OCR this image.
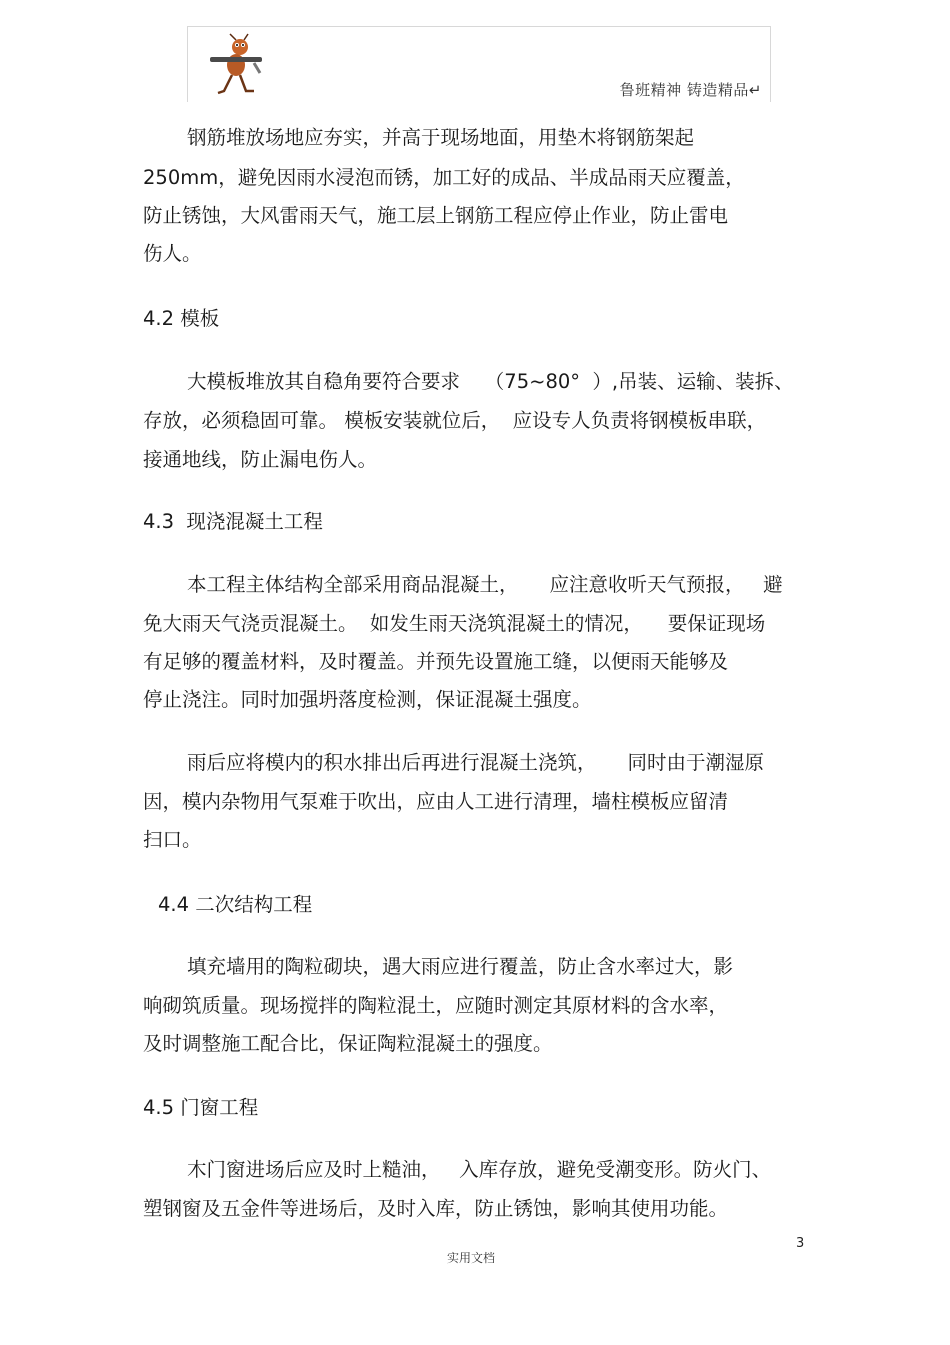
鲁班精神 铸造精品↵
钢筋堆放场地应夯实，并高于现场地面，用垫木将钢筋架起
250mm，避免因雨水浸泡而锈，加工好的成品、半成品雨天应覆盖，
防止锈蚀，大风雷雨天气，施工层上钢筋工程应停止作业，防止雷电
伤人。
4.2 模板
大模板堆放其自稳角要符合要求    （75~80°  ）,吊装、运输、装拆、
存放，必须稳固可靠。 模板安装就位后，  应设专人负责将钢模板串联，
接通地线，防止漏电伤人。
4.3  现浇混凝土工程
本工程主体结构全部采用商品混凝土，     应注意收听天气预报，   避
免大雨天气浇贡混凝土。  如发生雨天浇筑混凝土的情况，    要保证现场
有足够的覆盖材料，及时覆盖。并预先设置施工缝，以便雨天能够及
停止浇注。同时加强坍落度检测，保证混凝土强度。
雨后应将模内的积水排出后再进行混凝土浇筑，     同时由于潮湿原
因，模内杂物用气泵难于吹出，应由人工进行清理，墙柱模板应留清
扫口。
4.4 二次结构工程
填充墙用的陶粒砌块，遇大雨应进行覆盖，防止含水率过大，影
响砌筑质量。现场搅拌的陶粒混土，应随时测定其原材料的含水率，
及时调整施工配合比，保证陶粒混凝土的强度。
4.5 门窗工程
木门窗进场后应及时上糙油，   入库存放，避免受潮变形。防火门、
塑钢窗及五金件等进场后，及时入库，防止锈蚀，影响其使用功能。
3
实用文档
